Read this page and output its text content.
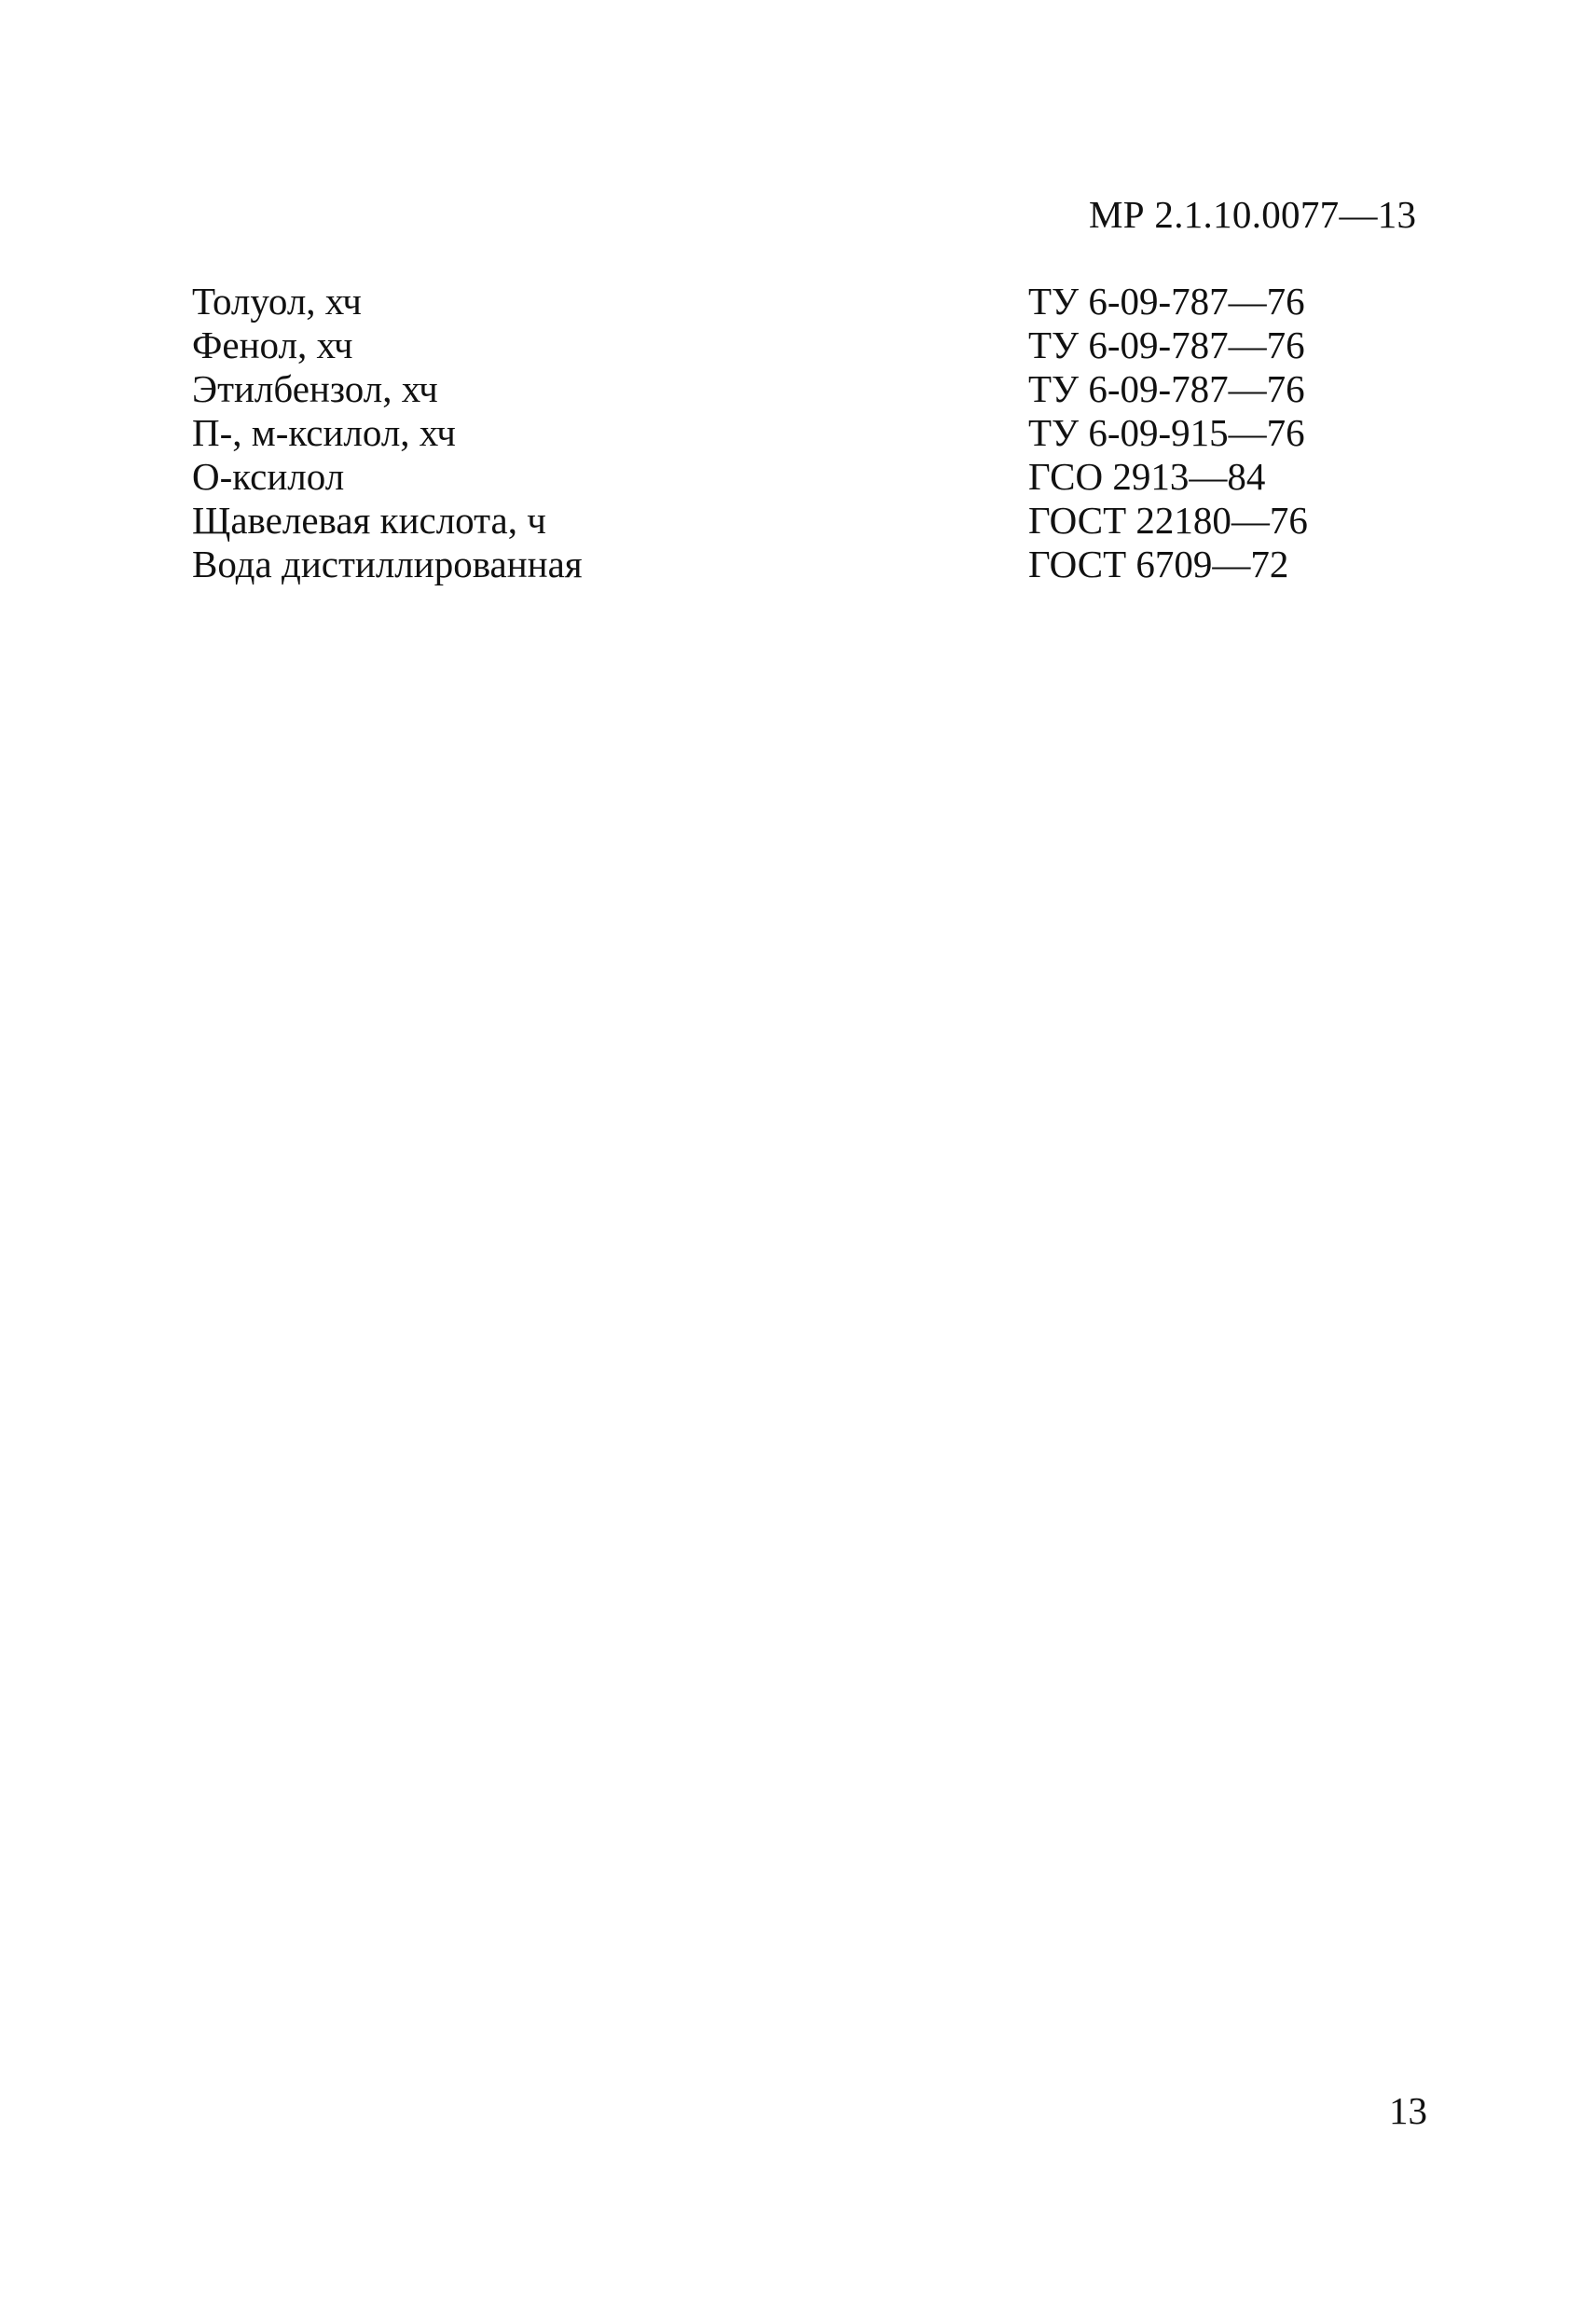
МР 2.1.10.0077—13
Толуол, хч	ТУ 6-09-787—76
Фенол, хч	ТУ 6-09-787—76
Этилбензол, хч	ТУ 6-09-787—76
П-, м-ксилол, хч	ТУ 6-09-915—76
О-ксилол	ГСО 2913—84
Щавелевая кислота, ч	ГОСТ 22180—76
Вода дистиллированная	ГОСТ 6709—72
13
